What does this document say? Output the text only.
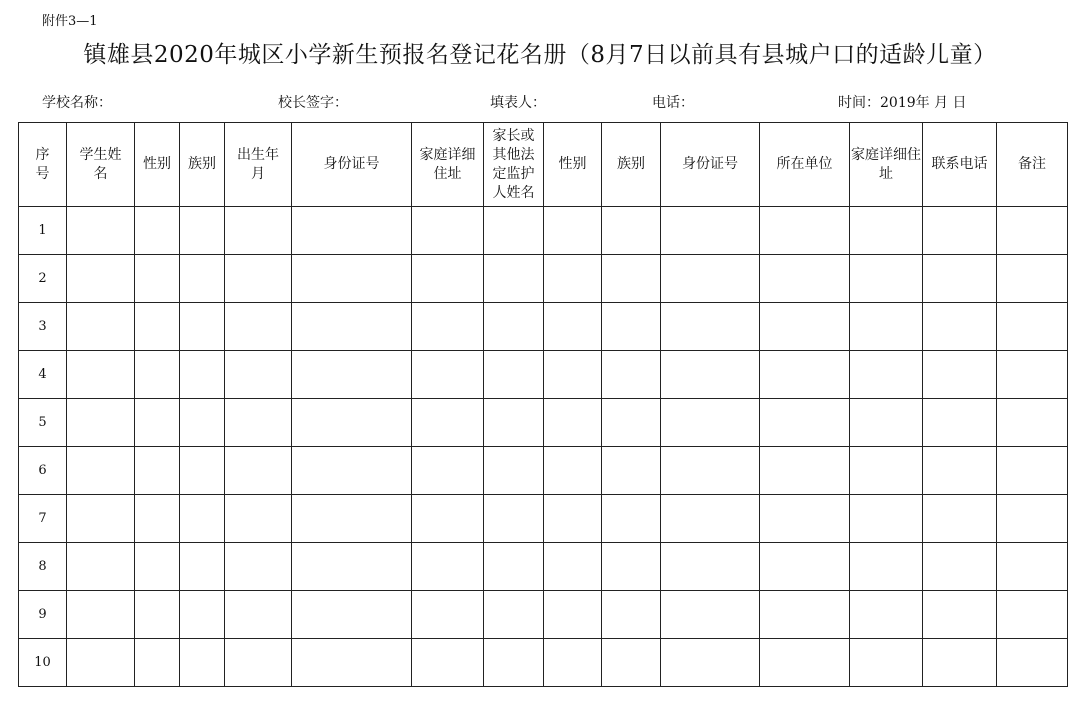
附件3—1
镇雄县2020年城区小学新生预报名登记花名册（8月7日以前具有县城户口的适龄儿童）
学校名称：	校长签字：	填表人：	电话：	时间：2019年 月 日
序号	学生姓名	性别	族别	出生年月	身份证号	家庭详细住址	家长或其他法定监护人姓名	性别	族别	身份证号	所在单位	家庭详细住址	联系电话	备注
1														
2														
3														
4														
5														
6														
7														
8														
9														
10														
